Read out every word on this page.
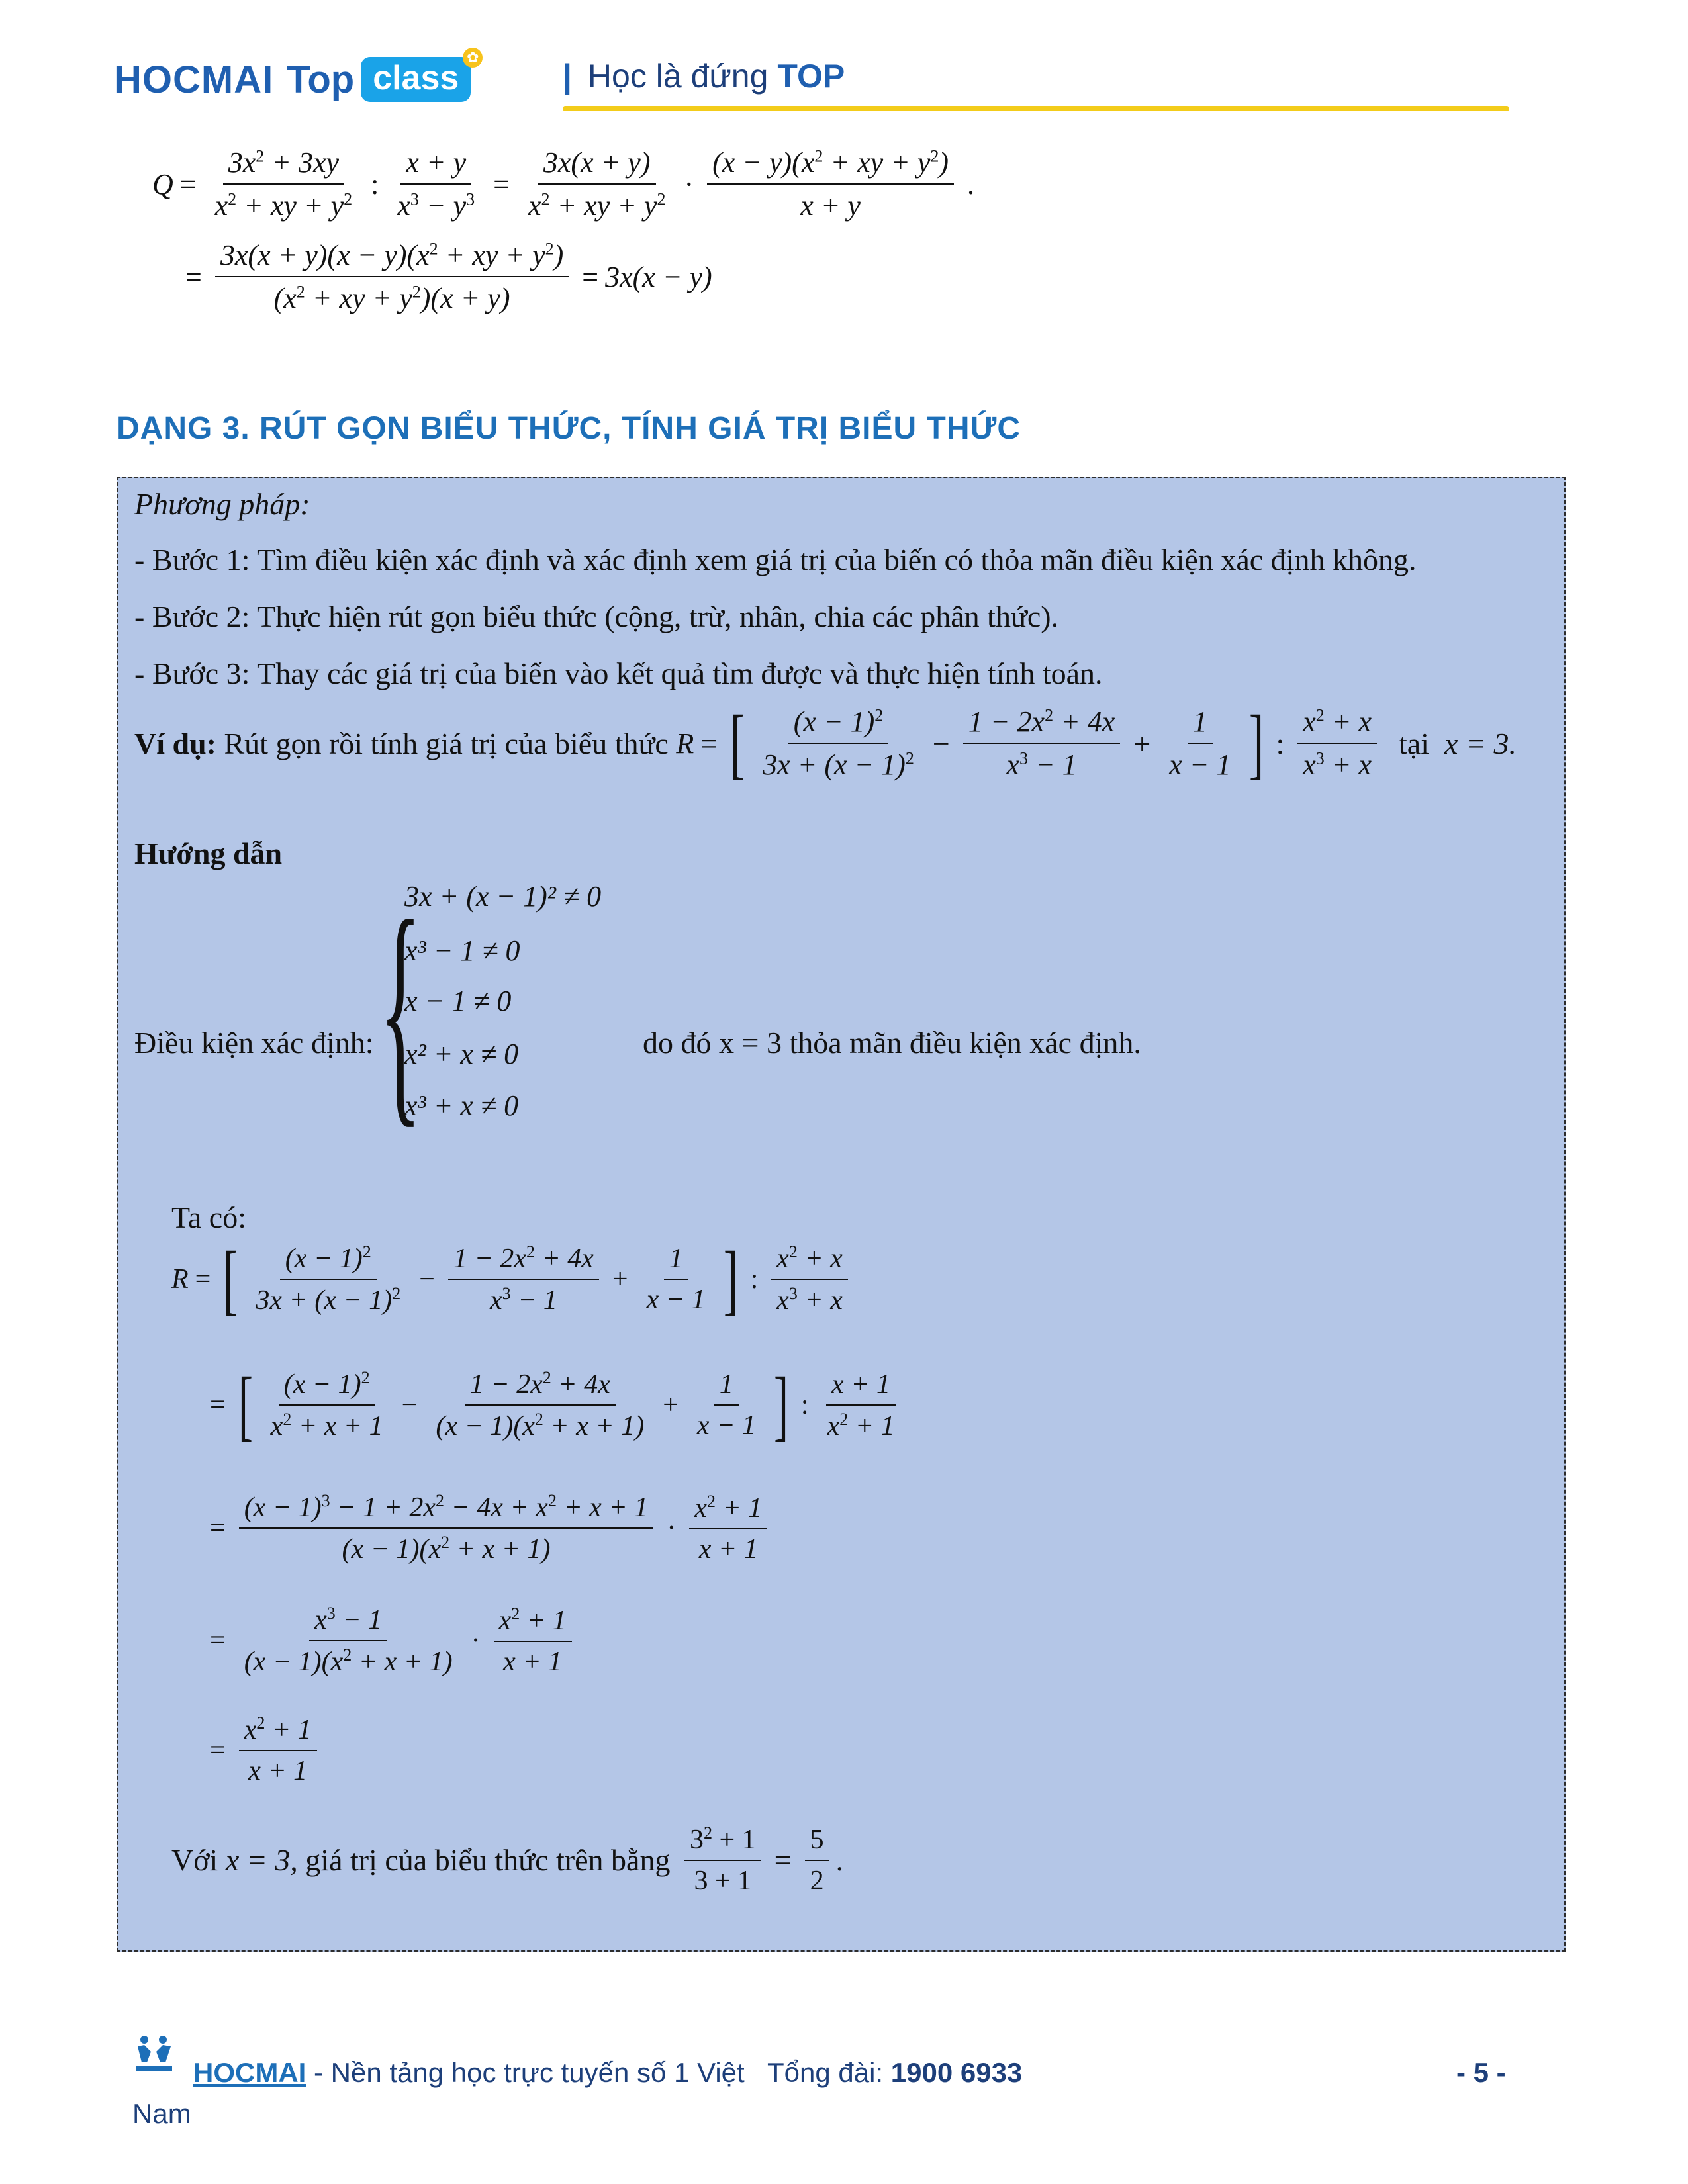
HOCMAI Top class
✿
| Học là đứng TOP
$Q = \frac{3x^2 + 3xy}{x^2 + xy + y^2}$ : $\frac{x + y}{x^3 - y^3} = \frac{3x(x + y)}{x^2 + xy + y^2} \cdot \frac{(x - y)(x^2 + xy + y^2)}{x + y}$ .
= $\frac{3x(x + y)(x - y)(x^2 + xy + y^2)}{(x^2 + xy + y^2)(x + y)} = 3x(x - y)$
DẠNG 3. RÚT GỌN BIỂU THỨC, TÍNH GIÁ TRỊ BIỂU THỨC
Phương pháp:
- Bước 1: Tìm điều kiện xác định và xác định xem giá trị của biến có thỏa mãn điều kiện xác định không.
- Bước 2: Thực hiện rút gọn biểu thức (cộng, trừ, nhân, chia các phân thức).
- Bước 3: Thay các giá trị của biến vào kết quả tìm được và thực hiện tính toán.
Ví dụ:
Rút gọn rồi tính giá trị của biểu thức
R = [ $\frac{(x - 1)^2}{3x + (x - 1)^2} - \frac{1 - 2x^2 + 4x}{x^3 - 1} + \frac{1}{x - 1}$ ] : $\frac{x^2 + x}{x^3 + x}$
tại
x = 3.
Hướng dẫn
Điều kiện xác định: {
3x + (x − 1)² ≠ 0
x³ − 1 ≠ 0
x − 1 ≠ 0
x² + x ≠ 0
x³ + x ≠ 0
do đó x = 3 thỏa mãn điều kiện xác định.
Ta có:
R = [ $\frac{(x - 1)^2}{3x + (x - 1)^2} - \frac{1 - 2x^2 + 4x}{x^3 - 1} + \frac{1}{x - 1}$ ] : $\frac{x^2 + x}{x^3 + x}$
= [ $\frac{(x - 1)^2}{x^2 + x + 1} - \frac{1 - 2x^2 + 4x}{(x - 1)(x^2 + x + 1)} + \frac{1}{x - 1}$ ] : $\frac{x + 1}{x^2 + 1}$
= $\frac{(x - 1)^3 - 1 + 2x^2 - 4x + x^2 + x + 1}{(x - 1)(x^2 + x + 1)} \cdot \frac{x^2 + 1}{x + 1}$
= $\frac{x^3 - 1}{(x - 1)(x^2 + x + 1)} \cdot \frac{x^2 + 1}{x + 1}$
= $\frac{x^2 + 1}{x + 1}$
Với
x = 3,
giá trị của biểu thức trên bằng
$\frac{3^2 + 1}{3 + 1} = \frac{5}{2}$ .
HOCMAI - Nền tảng học trực tuyến số 1 Việt Tổng đài: 1900 6933
Nam
- 5 -
